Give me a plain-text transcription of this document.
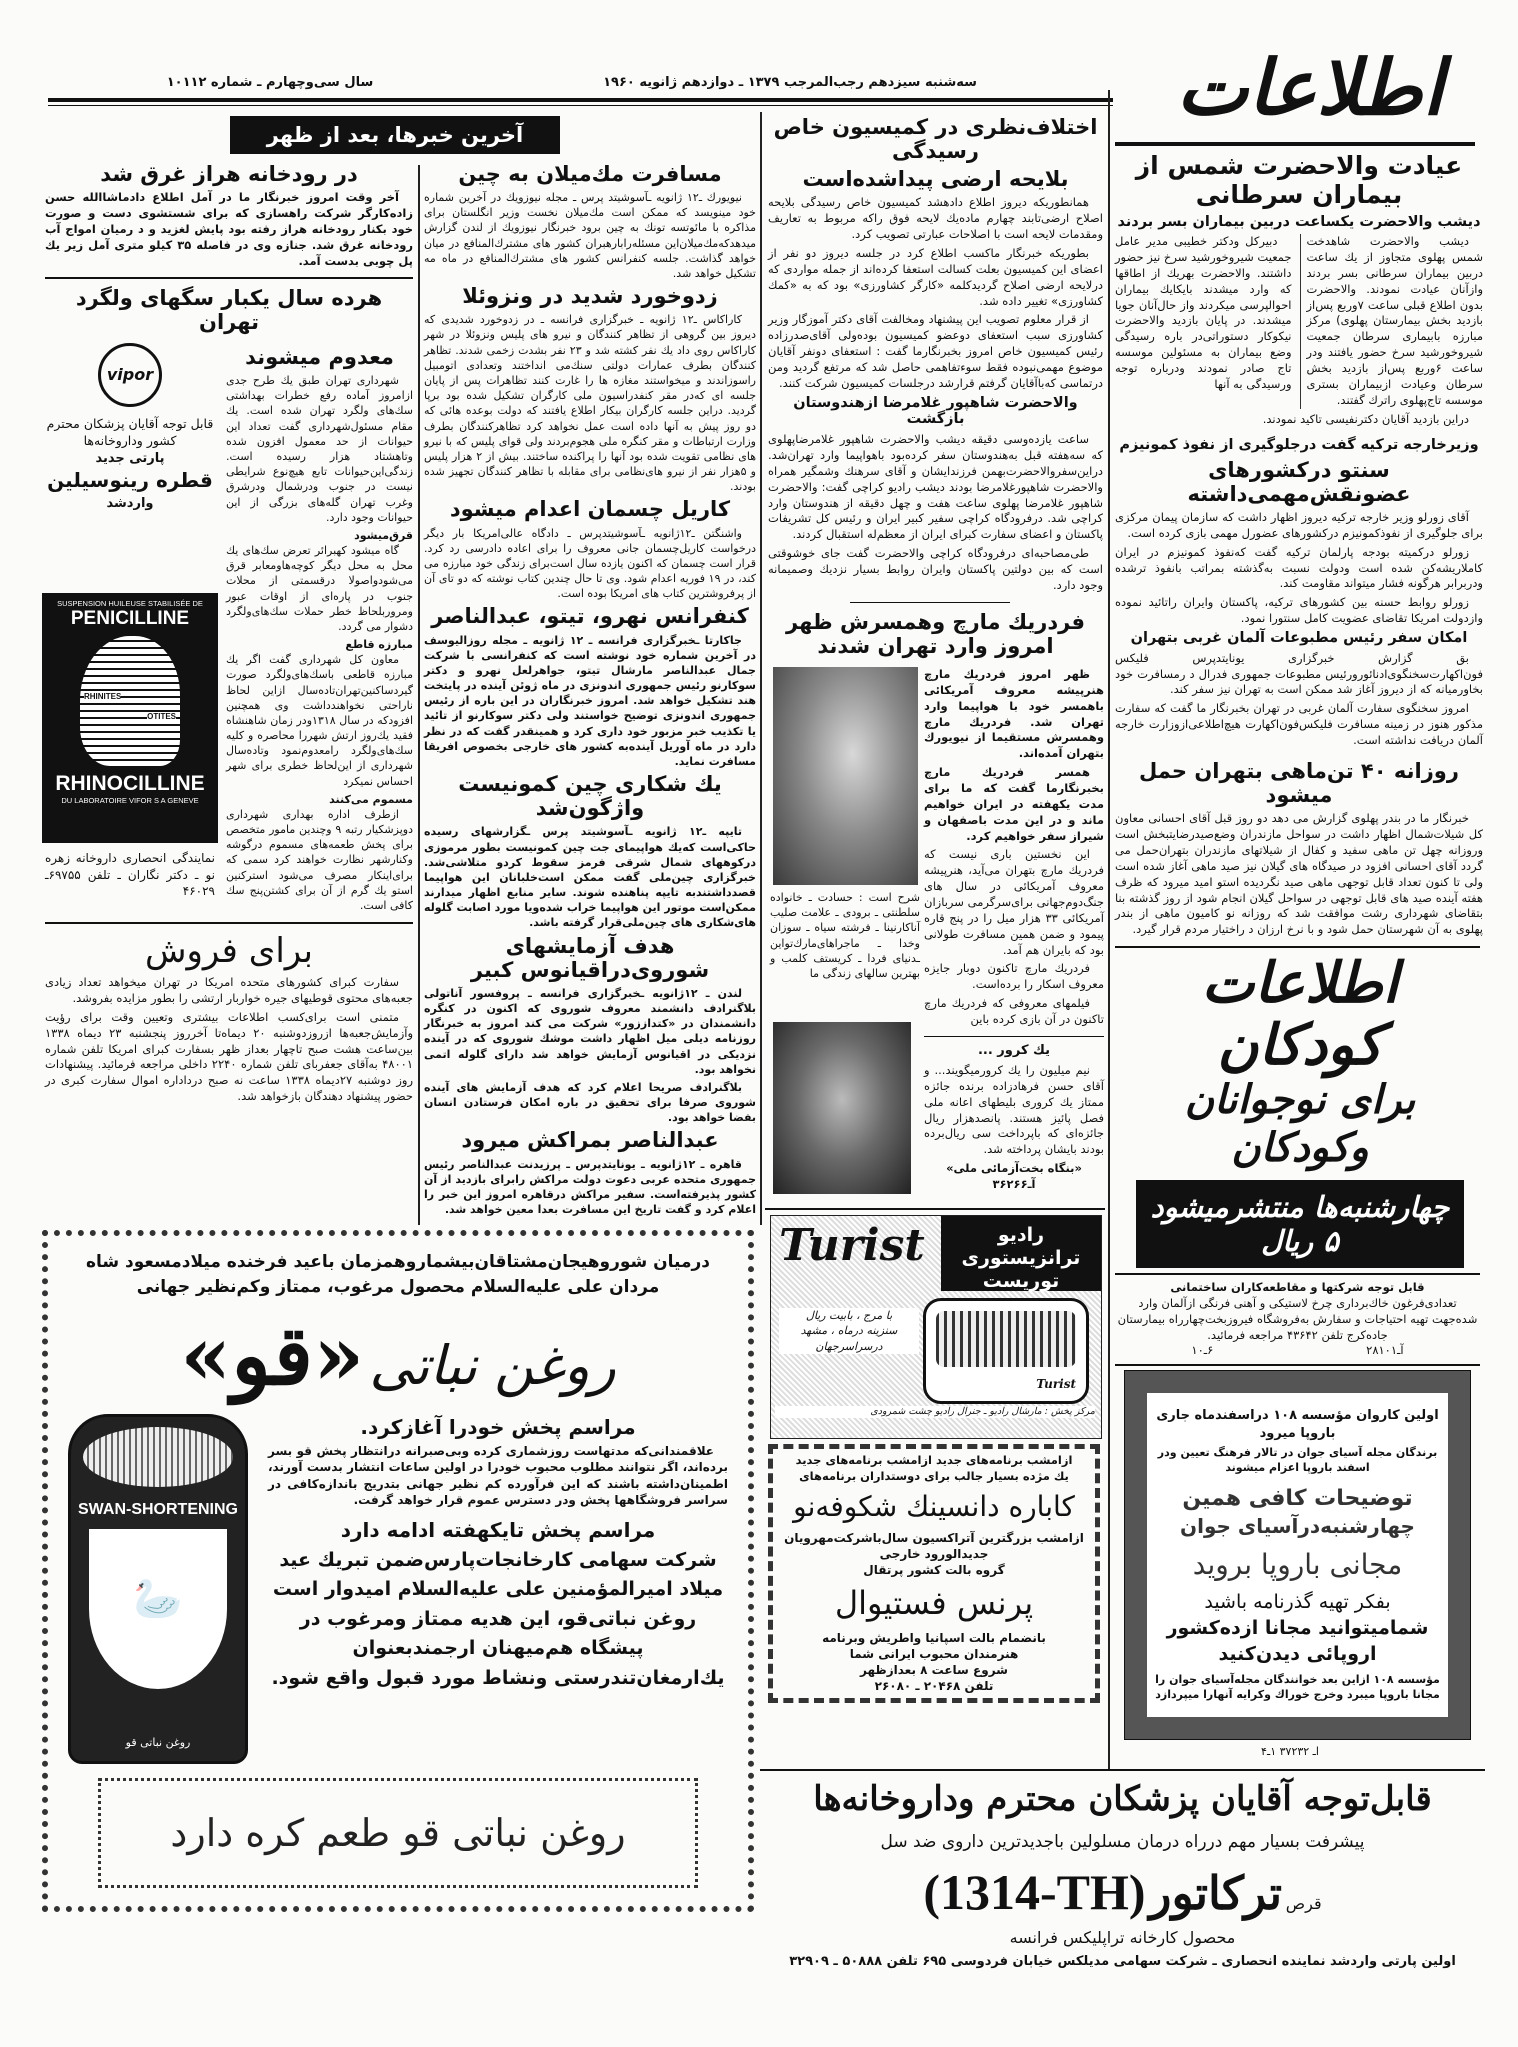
اطلاعات
سه‌شنبه سیزدهم رجب‌المرجب ۱۳۷۹ ـ دوازدهم ژانویه ۱۹۶۰
سال سی‌وچهارم ـ شماره ۱۰۱۱۲
آخرین خبرها، بعد از ظهر
عیادت والاحضرت شمس از بیماران سرطانی
دیشب والاحضرت یکساعت دربین بیماران بسر بردند
دیشب والاحضرت شاهدخت شمس پهلوی متجاوز از یك ساعت دربین بیماران سرطانی بسر بردند وازآنان عیادت نمودند. والاحضرت بدون اطلاع قبلی ساعت ۷وربع پس‌از بازدید بخش بیمارستان پهلوی) مرکز مبارزه بابیماری سرطان جمعیت شیرو‌خورشید سرخ حضور یافتند ودر ساعت ۶وربع پس‌از بازدید بخش سرطان وعیادت ازبیماران بستری موسسه تاج‌پهلوی راترك گفتند.
دبیرکل ودکتر خطیبی مدیر عامل جمعیت شیروخورشید سرخ نیز حضور داشتند. والاحضرت بهریك از اطاقها که وارد میشدند بایکایك بیماران احوالپرسی میکردند واز حال‌آنان جویا میشدند. در پایان بازدید والاحضرت نیکوکار دستوراتی‌در باره رسیدگی وضع بیماران به مسئولین موسسه تاج صادر نمودند ودرباره توجه ورسیدگی به آنها
دراین بازدید آقایان دکترنفیسی تاکید نمودند.
وزیرخارجه ترکیه گفت درجلوگیری از نفوذ کمونیزم
سنتو درکشورهای عضونقش‌مهمی‌داشته
آقای زورلو وزیر خارجه ترکیه دیروز اظهار داشت که سازمان پیمان مرکزی برای جلوگیری از نفوذکمونیزم درکشورهای عضورل مهمی بازی کرده است.
زورلو درکمیته بودجه پارلمان ترکیه گفت که‌نفوذ کمونیزم در ایران کاملاریشه‌کن شده است ودولت نسبت به‌گذشته بمراتب بانفوذ ترشده ودربرابر هرگونه فشار میتواند مقاومت کند.
زورلو روابط حسنه بین کشورهای ترکیه، پاکستان وایران راتائید نموده وازدولت امریکا تقاضای عضویت کامل سنتورا نمود.
امکان سفر رئیس مطبوعات آلمان غربی بتهران
بق گزارش خبرگزاری یونایتدپرس فلیکس فون‌اکهارت‌سخنگوی‌ادنائورورئیس مطبوعات جمهوری فدرال د رمسافرت خود بخاورمیانه که از دیروز آغاز شد ممکن است به تهران نیز سفر کند.
امروز سخنگوی سفارت آلمان غربی در تهران بخبرنگار ما گفت که سفارت مذکور هنوز در زمینه مسافرت فلیکس‌فون‌اکهارت هیچ‌اطلاعی‌ازوزارت خارجه آلمان دریافت نداشته است.
روزانه ۴۰ تن‌ماهی بتهران حمل میشود
خبرنگار ما در بندر پهلوی گزارش می دهد دو روز قبل آقای احسانی معاون کل شیلات‌شمال اظهار داشت در سواحل مازندران وضع‌صیدرضایتبخش است وروزانه چهل تن ماهی سفید و کفال از شیلاتهای مازندران بتهران‌حمل می گردد آقای احسانی افزود در صیدگاه های گیلان نیز صید ماهی آغاز شده است ولی تا کنون تعداد قابل توجهی ماهی صید نگردیده استو امید میرود که ظرف هفته آینده صید های قابل توجهی در سواحل گیلان انجام شود از روز گذشته بنا بتقاضای شهرداری رشت موافقت شد که روزانه نو کامیون ماهی از بندر پهلوی به آن شهرستان حمل شود و با نرخ ارزان د راختیار مردم قرار گیرد.
اطلاعات کودکان
برای نوجوانان وکودکان
چهارشنبه‌ها منتشرمیشود ۵ ریال
قابل توجه شرکتها و مقاطعه‌کاران ساختمانی
تعدادی‌فرغون خاك‌برداری چرخ لاستیکی و آهنی فرنگی ازآلمان وارد شده‌جهت تهیه احتیاجات و سفارش به‌فروشگاه فیروزبخت‌چهارراه بیمارستان جاده‌کرج تلفن ۴۳۶۴۲ مراجعه فرمائید.
آ‌ـ۲۸۱۰۱
۶ـ۱۰
اولین کاروان مؤسسه ۱۰۸ دراسفندماه جاری باروپا میرود
برندگان مجله آسیای جوان در تالار فرهنگ تعیین ودر اسفند باروپا اعزام میشوند
توضیحات کافی همین
چهارشنبه‌درآسیای جوان
مجانی باروپا بروید
بفکر تهیه گذرنامه باشید
شمامیتوانید مجانا ازده‌کشور
اروپائی دیدن‌کنید
مؤسسه ۱۰۸ ازاین بعد خوانندگان مجله‌آسیای جوان را مجانا باروپا میبرد وخرج خوراك وکرایه آنهارا میپردازد
ا‌ـ ۳۷۲۳۲ ۱ـ۴
اختلاف‌نظری در کمیسیون خاص رسیدگی
بلایحه ارضی پیداشده‌است
همانطوریکه دیروز اطلاع دادهشد کمیسیون خاص رسیدگی بلایحه اصلاح ارضی‌تابند چهارم ماده‌یك لایحه فوق راکه مربوط به تعاریف ومقدمات لایحه است با اصلاحات عبارتی تصویب کرد.
بطوریکه خبرنگار ماکسب اطلاع کرد در جلسه دیروز دو نفر از اعضای این کمیسیون بعلت کسالت استعفا کرده‌اند از جمله مواردی که درلایحه ارضی اصلاح گردیدکلمه «کارگر کشاورزی» بود که به «کمك کشاورزی» تغییر داده شد.
از قرار معلوم تصویب این پیشنهاد ومخالفت آقای دکتر آموزگار وزیر کشاورزی سبب استعفای دوعضو کمیسیون بوده‌ولی آقای‌صدرزاده رئیس کمیسیون خاص امروز بخبرنگارما گفت : استعفای دونفر آقایان موضوع مهمی‌نبوده فقط سوءتفاهمی حاصل شد که مرتفع گردید ومن درتماسی که‌باآقایان گرفتم قرارشد درجلسات کمیسیون شرکت کنند.
والاحضرت شاهپور غلامرضا ازهندوستان بازگشت
ساعت یازده‌وسی دقیقه دیشب والاحضرت شاهپور غلامرضاپهلوی که سه‌هفته قبل به‌هندوستان سفر کرده‌بود باهواپیما وارد تهران‌شد. دراین‌سفروالاحضرت‌بهمن فرزندایشان و آقای سرهنك وشمگیر همراه والاحضرت شاهپورغلامرضا بودند دیشب رادیو کراچی گفت: والاحضرت شاهپور غلامرضا پهلوی ساعت هفت و چهل دقیقه از هندوستان وارد کراچی شد. درفرودگاه کراچی سفیر کبیر ایران و رئیس کل تشریفات پاکستان و اعضای سفارت کبرای ایران از معظم‌له استقبال کردند.
طی‌مصاحبه‌ای درفرودگاه کراچی والاحضرت گفت جای خوشوقتی است که بین دولتین پاکستان وایران روابط بسیار نزدیك وصمیمانه وجود دارد.
فردریك مارچ وهمسرش ظهر امروز وارد تهران شدند
ظهر امروز فردریك مارچ هنرپیشه معروف آمریکائی باهمسر خود با هواپیما وارد تهران شد. فردریك مارچ وهمسرش مستقیما از نیویورك بتهران آمده‌اند.
همسر فردریك مارچ بخبرنگارما گفت که ما برای مدت یکهفته در ایران خواهیم ماند و در این مدت باصفهان و شیراز سفر خواهیم کرد.
این نخستین باری نیست که فردریك مارچ بتهران می‌آید، هنرپیشه معروف آمریکائی در سال های جنگ‌دوم‌جهانی برای‌سرگرمی سربازان آمریکائی ۳۳ هزار میل را در پنج قاره پیمود و ضمن همین مسافرت طولانی بود که بایران هم آمد.
فردریك مارچ تاکنون دوبار جایزه معروف اسکار را برده‌است.
فیلمهای معروفی که فردریك مارچ تاکنون در آن بازی کرده باین
یك کرور ...
نیم میلیون را یك کرورمیگویند... و آقای حسن فرهادزاده برنده جائزه ممتاز یك کروری بلیطهای اعانه ملی فصل پائیز هستند. پانصدهزار ریال جائزه‌ای که باپرداخت سی ریال‌برده بودند بایشان پرداخته شد.
«بنگاه بخت‌آزمائی ملی»
آـ۳۶۲۶۶
شرح است : حسادت ـ خانواده سلطنتی ـ برودی ـ علامت صلیب آناکارنینا ـ فرشته سیاه ـ سوزان وخدا ـ ماجراهای‌مارك‌تواین ـدنیای فردا ـ کریستف کلمب و بهترین سالهای زندگی ما
Turist	رادیو ترانزیستوری توریست
Turist
با مرج ، بابیت ریال
سنزینه درماه ، مشهد
درسراسرجهان
مرکز پخش : مارشال رادیو ـ جنرال رادیو چشت شمرودی
ازامشب برنامه‌های جدید ازامشب برنامه‌های جدید
یك مژده بسیار جالب برای دوستداران برنامه‌های
کاباره دانسینك شکوفه‌نو
ازامشب بزرگترین آتراکسیون سال‌باشرکت‌مهرویان
جدیدالورود خارجی
گروه بالت کشور پرتقال
پرنس فستیوال
بانضمام بالت اسپانیا واطریش وبرنامه
هنرمندان محبوب ایرانی شما
شروع ساعت ۸ بعدازظهر
تلفن ۲۰۴۶۸ ـ ۲۶۰۸۰
مسافرت مك‌میلان به چین
نیویورك ـ۱۲ ژانویه ـآسوشیتد پرس ـ مجله نیوزویك در آخرین شماره خود مینویسد که ممکن است مك‌میلان نخست وزیر انگلستان برای مذاکره با مائوتسه تونك به چین برود خبرنگار نیوزویك از لندن گزارش میدهدکه‌مك‌میلان‌این مسئله‌رابارهبران کشور های مشترك‌المنافع در میان خواهد گذاشت. جلسه کنفرانس کشور های مشترك‌المنافع در ماه مه تشکیل خواهد شد.
زدوخورد شدید در ونزوئلا
کاراکاس ـ۱۲ ژانویه ـ خبرگزاری فرانسه ـ در زدوخورد شدیدی که دیروز بین گروهی از تظاهر کنندگان و نیرو های پلیس ونزوئلا در شهر کاراکاس روی داد یك نفر کشته شد و ۲۳ نفر بشدت زخمی شدند. تظاهر کنندگان بطرف عمارات دولتی سنك‌می انداختند وتعدادی اتومبیل راسوزاندند و میخواستند مغازه ها را غارت کنند تظاهرات پس از پایان جلسه ای که‌در مقر کنفدراسیون ملی کارگران تشکیل شده بود برپا گردید. دراین جلسه کارگران بیکار اطلاع یافتند که دولت بوعده هائی که دو روز پیش به آنها داده است عمل نخواهد کرد تظاهرکنندگان بطرف وزارت ارتباطات و مقر کنگره ملی هجوم‌بردند ولی قوای پلیس که با نیرو های نظامی تقویت شده بود آنها را پراکنده ساختند. بیش از ۲ هزار پلیس و ۵هزار نفر از نیرو های‌نظامی برای مقابله با تظاهر کنندگان تجهیز شده بودند.
کاریل چسمان اعدام میشود
واشنگتن ـ۱۲ژانویه ـآسوشیتدپرس ـ دادگاه عالی‌امریکا بار دیگر درخواست کاریل‌چسمان جانی معروف را برای اعاده دادرسی رد کرد. قرار است چسمان که اکنون یازده سال است‌برای زندگی خود مبارزه می کند، در ۱۹ فوریه اعدام شود. وی تا حال چندین کتاب نوشته که دو تای آن از پرفروشترین کتاب های امریکا بوده است.
کنفرانس نهرو، تیتو، عبدالناصر
جاکارتا ـخبرگزاری فرانسه ـ ۱۲ ژانویه ـ مجله روزالیوسف در آخرین شماره خود نوشته است که کنفرانسی با شرکت جمال عبدالناصر مارشال تیتو، جواهرلعل نهرو و دکتر سوکارنو رئیس جمهوری اندونزی در ماه ژوئن آینده در پایتخت هند تشکیل خواهد شد. امروز خبرنگاران در این باره از رئیس جمهوری اندونزی توضیح خواستند ولی دکتر سوکارنو از تائید یا تکذیب خبر مزبور خود داری کرد و همینقدر گفت که در نظر دارد در ماه آوریل آینده‌به کشور های خارجی بخصوص افریقا مسافرت نماید.
یك شکاری چین کمونیست واژگون‌شد
تایپه ـ۱۲ ژانویه ـآسوشیتد پرس ـگزارشهای رسیده حاکی‌است که‌یك هواپیمای جت چین کمونیست بطور مرموزی درکوههای شمال شرقی فرمز سقوط کردو متلاشی‌شد. خبرگزاری چین‌ملی گفت ممکن است‌خلبانان این هواپیما قصدداشتندبه تایپه پناهنده شوند. سایر منابع اظهار میدارند ممکن‌است موتور این هواپیما خراب شده‌ویا مورد اصابت گلوله های‌شکاری های چین‌ملی‌قرار گرفته باشد.
هدف آزمایشهای شوروی‌دراقیانوس کبیر
لندن ـ ۱۲ژانویه ـخبرگزاری فرانسه ـ پروفسور آناتولی بلاگنرادف دانشمند معروف شوروی که اکنون در کنگره دانشمندان در «کتداززور» شرکت می کند امروز به خبرنگار روزنامه دیلی میل اظهار داشت موشك شوروی که در آینده نزدیکی در اقیانوس آزمایش خواهد شد دارای گلوله اتمی نخواهد بود.
بلاگنرادف صریحا اعلام کرد که هدف آزمایش های آینده شوروی صرفا برای تحقیق در باره امکان فرستادن انسان بفضا خواهد بود.
عبدالناصر بمراکش میرود
قاهره ـ ۱۲ژانویه ـ یونایتدپرس ـ پرزیدنت عبدالناصر رئیس جمهوری متحده عربی دعوت دولت مراکش رابرای بازدید از آن کشور پذیرفته‌است. سفیر مراکش درقاهره امروز این خبر را اعلام کرد و گفت تاریخ این مسافرت بعدا معین خواهد شد.
در رودخانه هراز غرق شد
آخر وقت امروز خبرنگار ما در آمل اطلاع داد‌ماشاالله حسن زاده‌کارگر شرکت راهسازی که برای شستشوی دست و صورت خود بکنار رودخانه هراز رفته بود پایش لغزید و د رمیان امواج آب رودخانه غرق شد. جنازه وی در فاصله ۳۵ کیلو متری آمل زیر یك پل چوبی بدست آمد.
هرده سال یکبار سگهای ولگرد تهران
معدوم میشوند
شهرداری تهران طبق یك طرح جدی ازامروز آماده رفع خطرات بهداشتی سك‌های ولگرد تهران شده است. یك مقام مسئول‌شهرداری گفت تعداد این حیوانات از حد معمول افزون شده وتاهشتاد هزار رسیده است. زندگی‌این‌حیوانات تابع هیچ‌نوع شرایطی نیست در جنوب ودرشمال ودرشرق وغرب تهران گله‌های بزرگی از این حیوانات وجود دارد.
قرق‌میشود
گاه میشود کهبرائر تعرض سك‌های یك محل به محل دیگر کوچه‌هاومعابر قرق می‌شودواصولا درقسمتی از محلات جنوب در پاره‌ای از اوقات عبور ومروربلحاظ خطر حملات سك‌های‌ولگرد دشوار می گردد.
مبارزه قاطع
معاون کل شهرداری گفت اگر یك مبارزه قاطعی باسك‌های‌ولگرد صورت گیرد‌ساکنین‌تهران‌تاده‌سال ازاین لحاظ ناراحتی نخواهندداشت وی همچنین افزودکه در سال ۱۳۱۸ودر زمان شاهنشاه فقید یك‌روز ارتش شهررا محاصره و کلیه سك‌های‌ولگرد رامعدوم‌نمود وتاده‌سال شهرداری از این‌لحاظ خطری برای شهر احساس نمیکرد
مسموم می‌کنند
ازطرف اداره بهداری شهرداری دوپزشکیار رتبه ۹ وچندین مامور متخصص برای پخش طعمه‌های مسموم درگوشه وکنارشهر نظارت خواهند کرد سمی که برای‌اینکار مصرف می‌شود استرکنین استو یك گرم از آن برای کشتن‌پنج سك کافی است.
vipor
قابل توجه آقایان پزشکان محترم کشور وداروخانه‌ها
پارتی جدید
قطره رینوسیلین
واردشد
SUSPENSION HUILEUSE STABILISÉE DE
PENICILLINE
RHINITES
OTITES
RHINOCILLINE
DU LABORATOIRE VIFOR S A GENEVE
نمایندگی انحصاری داروخانه زهره نو ـ دکتر نگاران ـ تلفن ۶۹۷۵۵ـ ۴۶۰۲۹
برای فروش
سفارت کبرای کشورهای متحده امریکا در تهران میخواهد تعداد زیادی جعبه‌های محتوی قوطیهای جیره خواربار ارتشی را بطور مزایده بفروشد.
متمنی است برای‌کسب اطلاعات بیشتری وتعیین وقت برای رؤیت وآزمایش‌جعبه‌ها ازروزدوشنبه ۲۰ دیماه‌تا آخرروز پنجشنبه ۲۳ دیماه ۱۳۳۸ بین‌ساعت هشت صبح تاچهار بعداز ظهر بسفارت کبرای امریکا تلفن شماره ۴۸۰۰۱ به‌آقای جعفربای تلفن شماره ۲۲۴۰ داخلی مراجعه فرمائید. پیشنهادات روز دوشنبه ۲۷دیماه ۱۳۳۸ ساعت نه صبح درداداره اموال سفارت کبری در حضور پیشنهاد دهندگان بازخواهد شد.
درمیان شوروهیجان‌مشتاقان‌بیشماروهمزمان باعید فرخنده میلادمسعود شاه مردان علی علیه‌السلام محصول مرغوب، ممتاز وکم‌نظیر جهانی
روغن نباتی «قو»
SWAN-SHORTENING
🦢
روغن نباتی قو
مراسم پخش خودرا آغازکرد.
علاقمندانی‌که مدتهاست روزشماری کرده وبی‌صبرانه درانتظار پخش قو بسر برده‌اند، اگر نتوانند مطلوب محبوب خودرا در اولین ساعات انتشار بدست آورند، اطمینان‌داشته باشند که این فرآورده کم نظیر جهانی بتدریج باندازه‌کافی در سراسر فروشگاهها پخش ودر دسترس عموم قرار خواهد گرفت.
مراسم پخش تایکهفته ادامه دارد
شرکت سهامی کارخانجات‌پارس‌ضمن تبریك عید میلاد امیرالمؤمنین علی علیه‌السلام امیدوار است روغن نباتی‌قو، این هدیه ممتاز ومرغوب در پیشگاه هم‌میهنان ارجمندبعنوان یك‌ارمغان‌تندرستی ونشاط مورد قبول واقع شود.
روغن نباتی قو طعم کره دارد
قابل‌توجه آقایان پزشکان محترم وداروخانه‌ها
پیشرفت بسیار مهم درراه درمان مسلولین باجدیدترین داروی ضد سل
قرص ترکاتور (1314-TH)
محصول کارخانه تراپلیکس فرانسه
اولین پارتی واردشد نماینده انحصاری ـ شرکت سهامی مدیلکس خیابان فردوسی ۶۹۵ تلفن ۵۰۸۸۸ ـ ۳۲۹۰۹
